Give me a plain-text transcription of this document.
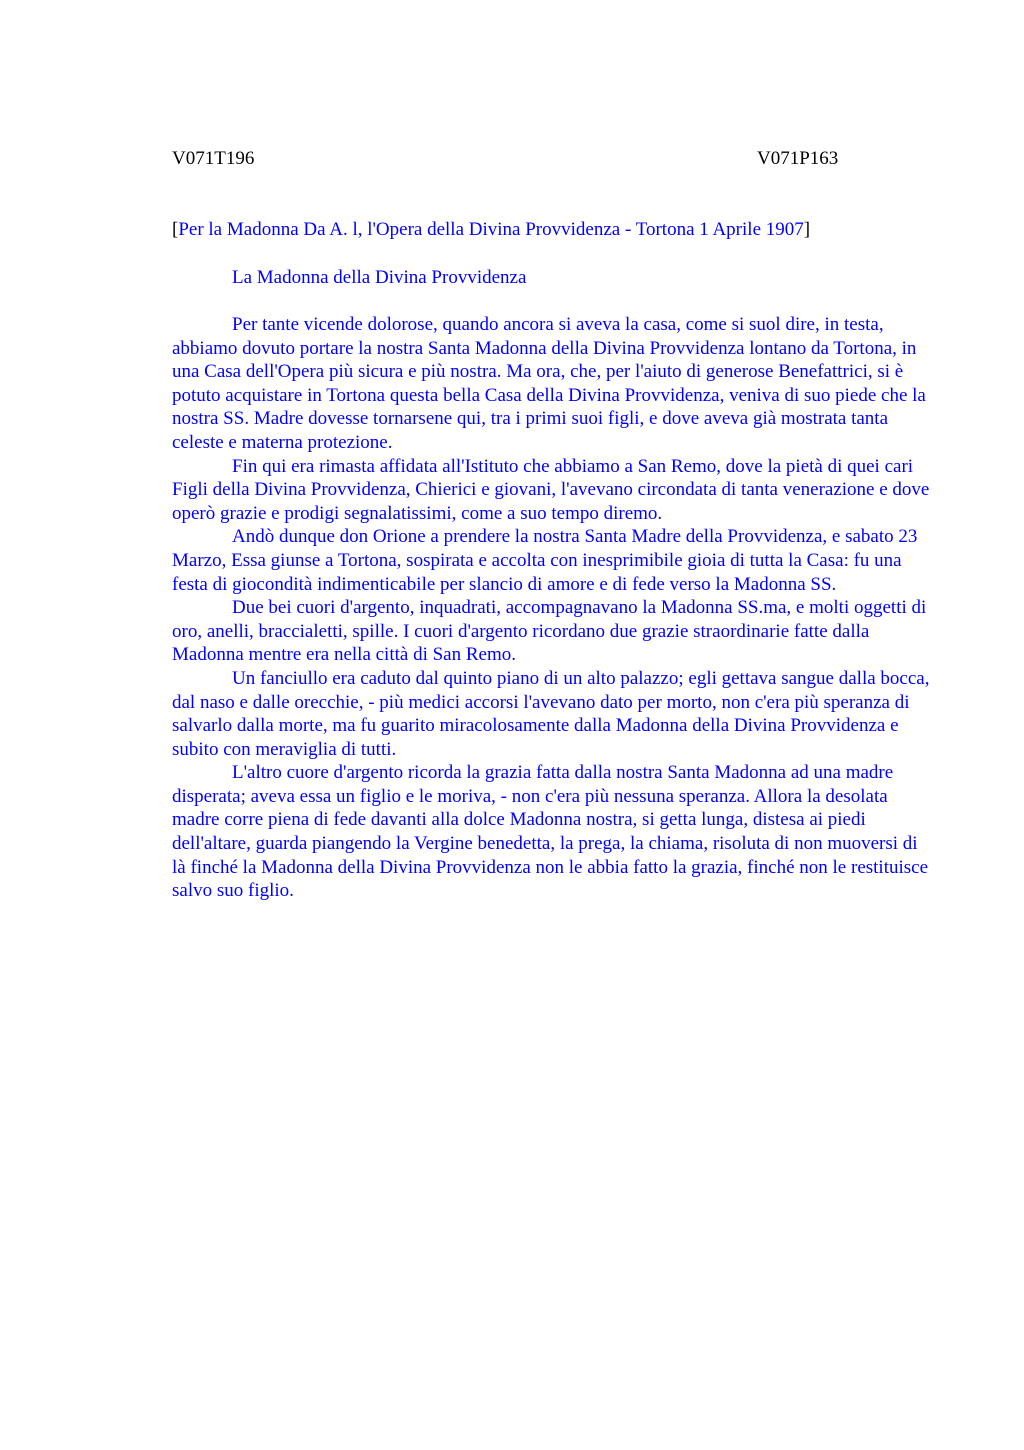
V071T196	V071P163
[Per la Madonna Da A. l, l'Opera della Divina Provvidenza - Tortona 1 Aprile 1907]
La Madonna della Divina Provvidenza

Per tante vicende dolorose, quando ancora si aveva la casa, come si suol dire, in testa, abbiamo dovuto portare la nostra Santa Madonna della Divina Provvidenza lontano da Tortona, in una Casa dell'Opera più sicura e più nostra. Ma ora, che, per l'aiuto di generose Benefattrici, si è potuto acquistare in Tortona questa bella Casa della Divina Provvidenza, veniva di suo piede che la nostra SS. Madre dovesse tornarsene qui, tra i primi suoi figli, e dove aveva già mostrata tanta celeste e materna protezione.

Fin qui era rimasta affidata all'Istituto che abbiamo a San Remo, dove la pietà di quei cari Figli della Divina Provvidenza, Chierici e giovani, l'avevano circondata di tanta venerazione e dove operò grazie e prodigi segnalatissimi, come a suo tempo diremo.

Andò dunque don Orione a prendere la nostra Santa Madre della Provvidenza, e sabato 23 Marzo, Essa giunse a Tortona, sospirata e accolta con inesprimibile gioia di tutta la Casa: fu una festa di giocondità indimenticabile per slancio di amore e di fede verso la Madonna SS.

Due bei cuori d'argento, inquadrati, accompagnavano la Madonna SS.ma, e molti oggetti di oro, anelli, braccialetti, spille. I cuori d'argento ricordano due grazie straordinarie fatte dalla Madonna mentre era nella città di San Remo.

Un fanciullo era caduto dal quinto piano di un alto palazzo; egli gettava sangue dalla bocca, dal naso e dalle orecchie, - più medici accorsi l'avevano dato per morto, non c'era più speranza di salvarlo dalla morte, ma fu guarito miracolosamente dalla Madonna della Divina Provvidenza e subito con meraviglia di tutti.

L'altro cuore d'argento ricorda la grazia fatta dalla nostra Santa Madonna ad una madre disperata; aveva essa un figlio e le moriva, - non c'era più nessuna speranza. Allora la desolata madre corre piena di fede davanti alla dolce Madonna nostra, si getta lunga, distesa ai piedi dell'altare, guarda piangendo la Vergine benedetta, la prega, la chiama, risoluta di non muoversi di là finché la Madonna della Divina Provvidenza non le abbia fatto la grazia, finché non le restituisce salvo suo figlio.
